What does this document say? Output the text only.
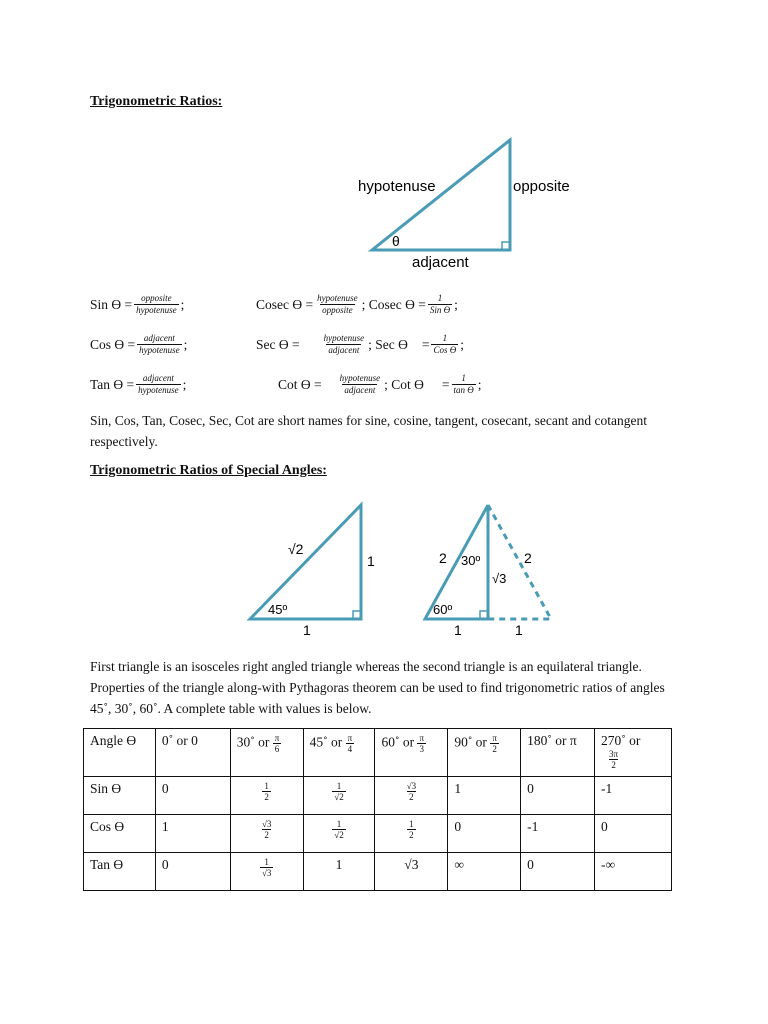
Trigonometric Ratios:
hypotenuse	opposite
adjacent
θ
Sin $ϴ = \frac{\text{opposite}}{\text{hypotenuse}}$ ;	Cosec $ϴ = \frac{\text{hypotenuse}}{\text{opposite}}$ ; Cosec $ϴ = \frac{1}{\text{Sin ϴ}}$ ;
Cos $ϴ = \frac{\text{adjacent}}{\text{hypotenuse}}$ ;	Sec $ϴ = \frac{\text{hypotenuse}}{\text{adjacent}}$ ; Sec $ϴ = \frac{1}{\text{Cos ϴ}}$ ;
Tan $ϴ = \frac{\text{adjacent}}{\text{hypotenuse}}$ ;	Cot $ϴ = \frac{\text{hypotenuse}}{\text{adjacent}}$ ; Cot $ϴ = \frac{1}{\text{tan ϴ}}$ ;
Sin, Cos, Tan, Cosec, Sec, Cot are short names for sine, cosine, tangent, cosecant, secant and cotangent respectively.
Trigonometric Ratios of Special Angles:
√2
1
1
45º
2 30º
√3
2
60º
1	1
First triangle is an isosceles right angled triangle whereas the second triangle is an equilateral triangle. Properties of the triangle along-with Pythagoras theorem can be used to find trigonometric ratios of angles 45˚, 30˚, 60˚. A complete table with values is below.
Angle ϴ	0˚ or 0	30˚ or $\frac{\pi}{6}$	45˚ or $\frac{\pi}{4}$	60˚ or $\frac{\pi}{3}$	90˚ or $\frac{\pi}{2}$	180˚ or π	270˚ or

$\frac{3\pi}{2}$

Sin ϴ	0	$\frac{1}{2}$	$\frac{1}{√2}$	$\frac{√3}{2}$	1	0	-1
Cos ϴ	1	$\frac{√3}{2}$	$\frac{1}{√2}$	$\frac{1}{2}$	0	-1	0
Tan ϴ	0	$\frac{1}{√3}$	1	√3	∞	0	-∞
